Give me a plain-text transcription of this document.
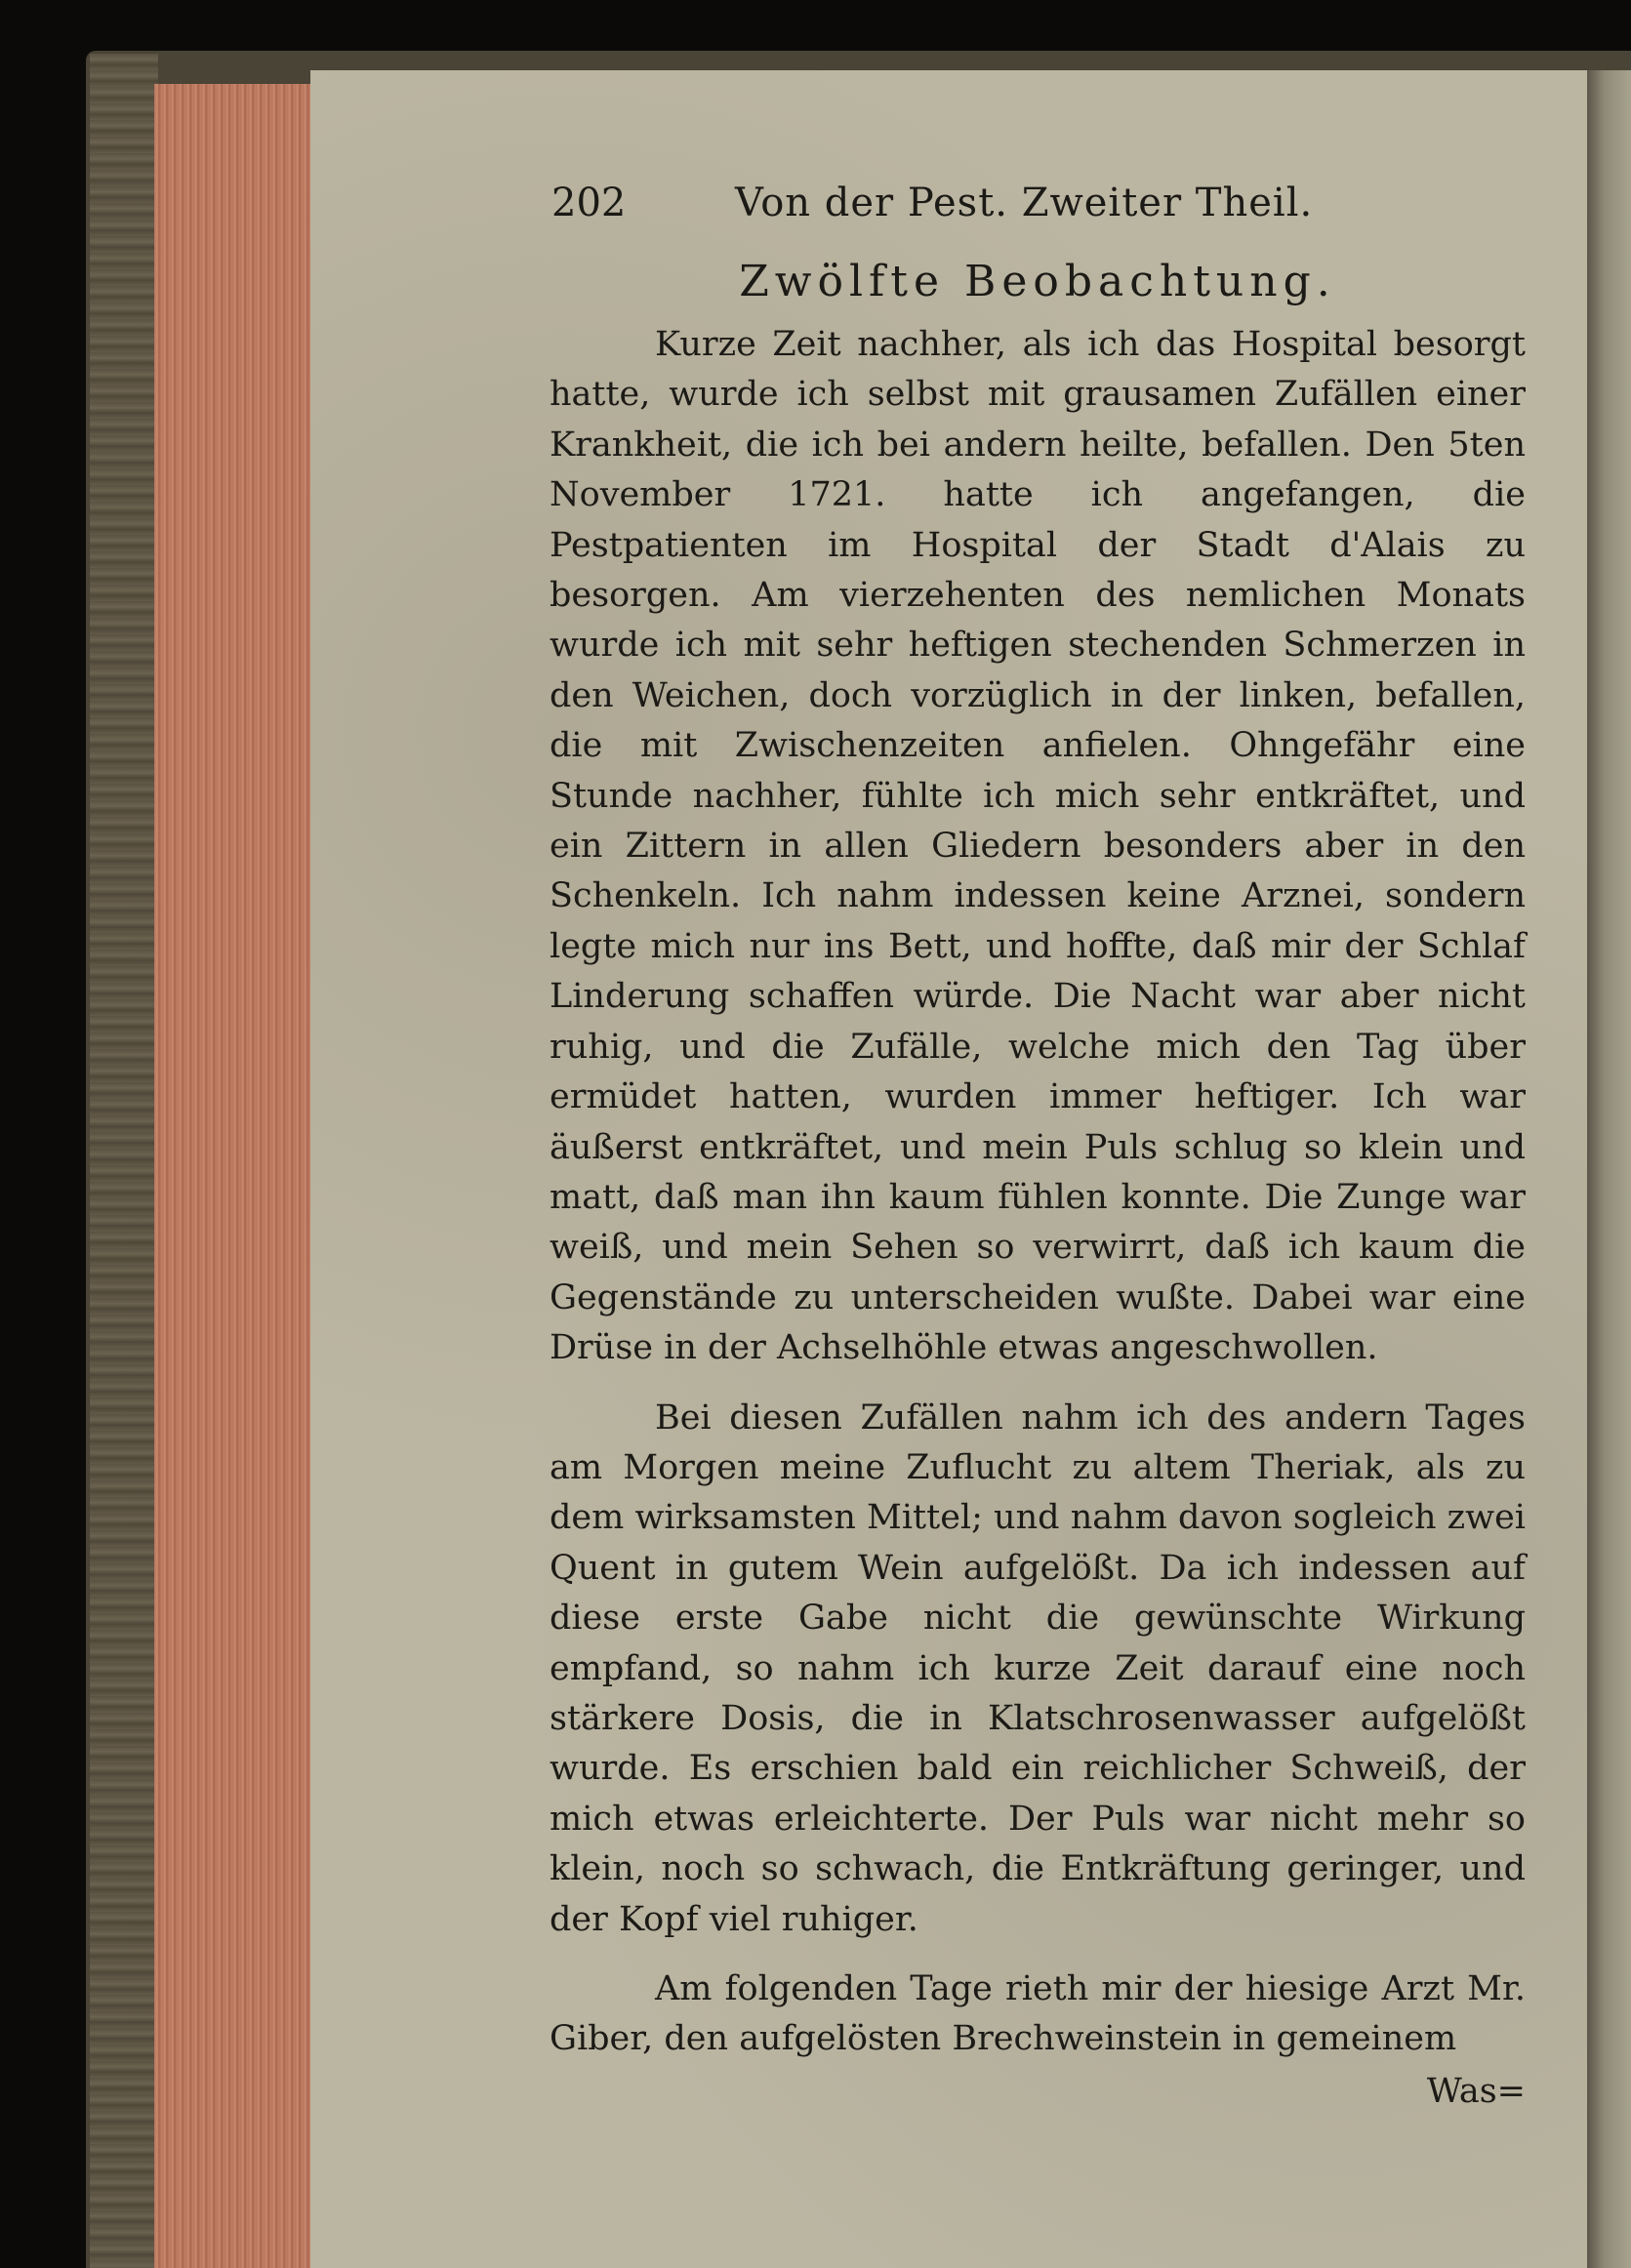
202	Von der Pest. Zweiter Theil.
Zwölfte Beobachtung.

Kurze Zeit nachher, als ich das Hospital besorgt hatte, wurde ich selbst mit grausamen Zufällen einer Krankheit, die ich bei andern heilte, befallen. Den 5ten November 1721. hatte ich angefangen, die Pestpatienten im Hospital der Stadt d'Alais zu besorgen. Am vierzehenten des nemlichen Monats wurde ich mit sehr heftigen stechenden Schmerzen in den Weichen, doch vorzüglich in der linken, befallen, die mit Zwischenzeiten anfielen. Ohngefähr eine Stunde nachher, fühlte ich mich sehr entkräftet, und ein Zittern in allen Gliedern besonders aber in den Schenkeln. Ich nahm indessen keine Arznei, sondern legte mich nur ins Bett, und hoffte, daß mir der Schlaf Linderung schaffen würde. Die Nacht war aber nicht ruhig, und die Zufälle, welche mich den Tag über ermüdet hatten, wurden immer heftiger. Ich war äußerst entkräftet, und mein Puls schlug so klein und matt, daß man ihn kaum fühlen konnte. Die Zunge war weiß, und mein Sehen so verwirrt, daß ich kaum die Gegenstände zu unterscheiden wußte. Dabei war eine Drüse in der Achselhöhle etwas angeschwollen.

Bei diesen Zufällen nahm ich des andern Tages am Morgen meine Zuflucht zu altem Theriak, als zu dem wirksamsten Mittel; und nahm davon sogleich zwei Quent in gutem Wein aufgelößt. Da ich indessen auf diese erste Gabe nicht die gewünschte Wirkung empfand, so nahm ich kurze Zeit darauf eine noch stärkere Dosis, die in Klatschrosenwasser aufgelößt wurde. Es erschien bald ein reichlicher Schweiß, der mich etwas erleichterte. Der Puls war nicht mehr so klein, noch so schwach, die Entkräftung geringer, und der Kopf viel ruhiger.

Am folgenden Tage rieth mir der hiesige Arzt Mr. Giber, den aufgelösten Brechweinstein in gemeinem

Was=
